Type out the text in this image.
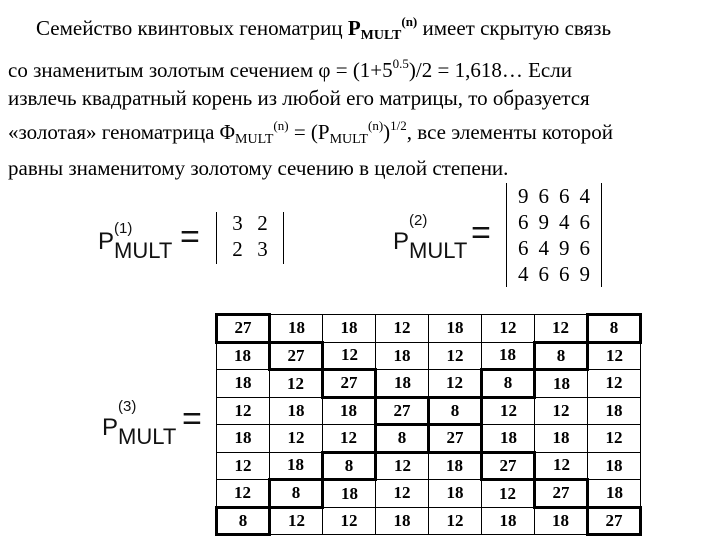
Семейство квинтовых геноматриц $P_{MULT}^{(n)}$ имеет скрытую связь
со знаменитым золотым сечением $\varphi = (1+5^{0.5})/2$ = 1,618… Если
извлечь квадратный корень из любой его матрицы, то образуется
«золотая» геноматрица $\Phi_{MULT}^{(n)} = (P_{MULT}^{(n)})^{1/2}$, все элементы которой
равны знаменитому золотому сечению в целой степени.
P (1)
MULT = 3	2
2	3	P
(2)
MULT =
9	6	6	4
6	9	4	6
6	4	9	6
4	6	6	9
P
(3)
MULT =
27	18	18	12	18	12	12	8
18	27	12	18	12	18	8	12
18	12	27	18	12	8	18	12
12	18	18	27	8	12	12	18
18	12	12	8	27	18	18	12
12	18	8	12	18	27	12	18
12	8	18	12	18	12	27	18
8	12	12	18	12	18	18	27
